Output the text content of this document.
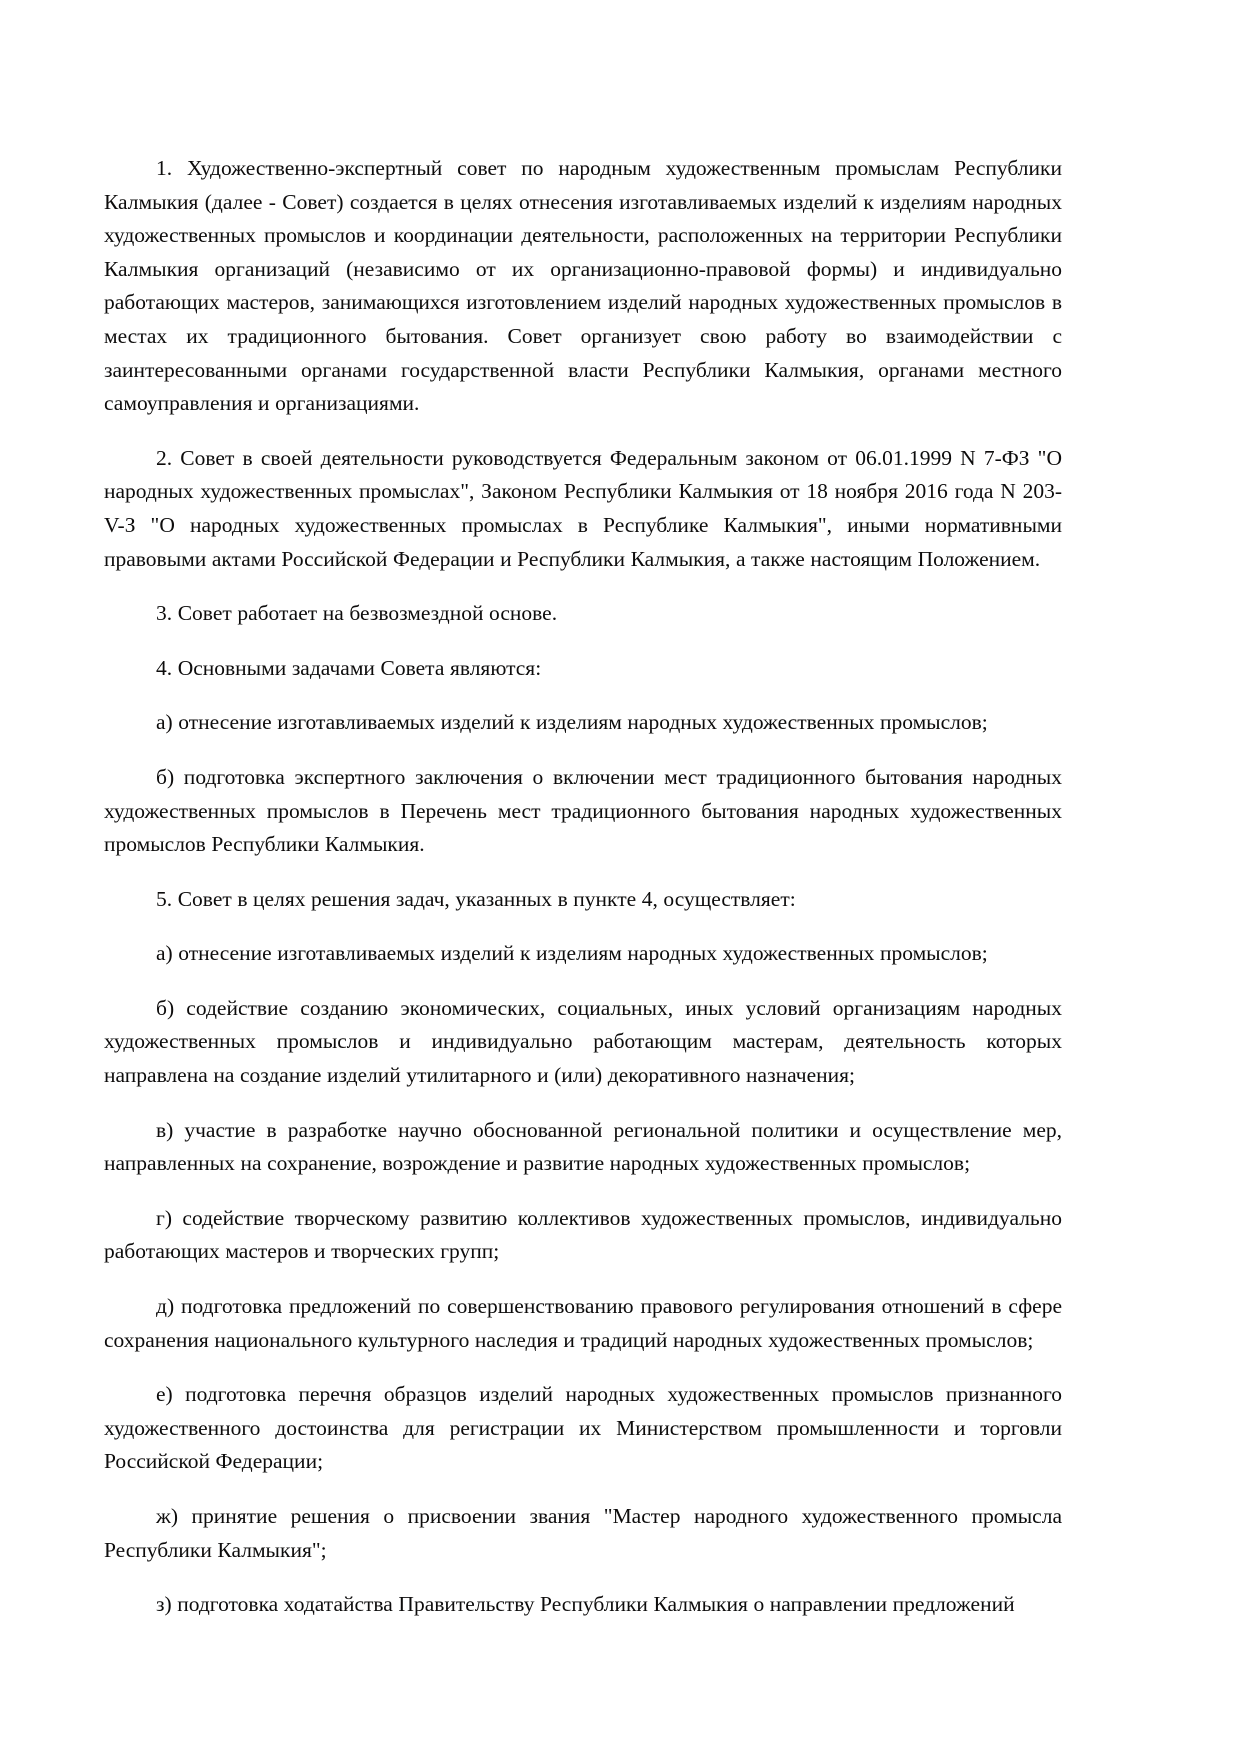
1. Художественно-экспертный совет по народным художественным промыслам Республики Калмыкия (далее - Совет) создается в целях отнесения изготавливаемых изделий к изделиям народных художественных промыслов и координации деятельности, расположенных на территории Республики Калмыкия организаций (независимо от их организационно-правовой формы) и индивидуально работающих мастеров, занимающихся изготовлением изделий народных художественных промыслов в местах их традиционного бытования. Совет организует свою работу во взаимодействии с заинтересованными органами государственной власти Республики Калмыкия, органами местного самоуправления и организациями.

2. Совет в своей деятельности руководствуется Федеральным законом от 06.01.1999 N 7-ФЗ "О народных художественных промыслах", Законом Республики Калмыкия от 18 ноября 2016 года N 203-V-З "О народных художественных промыслах в Республике Калмыкия", иными нормативными правовыми актами Российской Федерации и Республики Калмыкия, а также настоящим Положением.

3. Совет работает на безвозмездной основе.

4. Основными задачами Совета являются:

а) отнесение изготавливаемых изделий к изделиям народных художественных промыслов;

б) подготовка экспертного заключения о включении мест традиционного бытования народных художественных промыслов в Перечень мест традиционного бытования народных художественных промыслов Республики Калмыкия.

5. Совет в целях решения задач, указанных в пункте 4, осуществляет:

а) отнесение изготавливаемых изделий к изделиям народных художественных промыслов;

б) содействие созданию экономических, социальных, иных условий организациям народных художественных промыслов и индивидуально работающим мастерам, деятельность которых направлена на создание изделий утилитарного и (или) декоративного назначения;

в) участие в разработке научно обоснованной региональной политики и осуществление мер, направленных на сохранение, возрождение и развитие народных художественных промыслов;

г) содействие творческому развитию коллективов художественных промыслов, индивидуально работающих мастеров и творческих групп;

д) подготовка предложений по совершенствованию правового регулирования отношений в сфере сохранения национального культурного наследия и традиций народных художественных промыслов;

е) подготовка перечня образцов изделий народных художественных промыслов признанного художественного достоинства для регистрации их Министерством промышленности и торговли Российской Федерации;

ж) принятие решения о присвоении звания "Мастер народного художественного промысла Республики Калмыкия";

з) подготовка ходатайства Правительству Республики Калмыкия о направлении предложений
